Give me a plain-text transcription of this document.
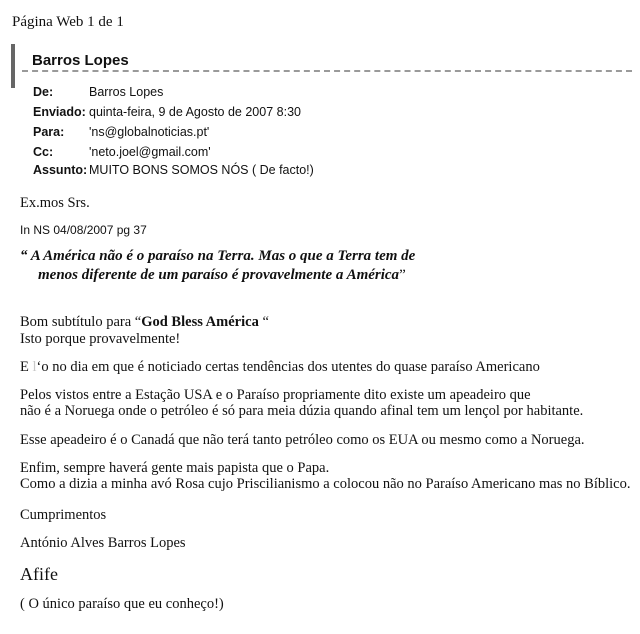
Página Web 1 de 1
Barros Lopes
De:	Barros Lopes
Enviado: quinta-feira, 9 de Agosto de 2007 8:30
Para: 'ns@globalnoticias.pt'
Cc:	'neto.joel@gmail.com'
Assunto: MUITO BONS SOMOS NÓS ( De facto!)
Ex.mos Srs.
In NS 04/08/2007 pg 37
“ A América não é o paraíso na Terra. Mas o que a Terra tem de
menos diferente de um paraíso é provavelmente a América”
Bom subtítulo para “God Bless América “
Isto porque provavelmente!
E l‘o no dia em que é noticiado certas tendências dos utentes do quase paraíso Americano
Pelos vistos entre a Estação USA e o Paraíso propriamente dito existe um apeadeiro que
não é a Noruega onde o petróleo é só para meia dúzia quando afinal tem um lençol por habitante.
Esse apeadeiro é o Canadá que não terá tanto petróleo como os EUA ou mesmo como a Noruega.
Enfim, sempre haverá gente mais papista que o Papa.
Como a dizia a minha avó Rosa cujo Priscilianismo a colocou não no Paraíso Americano mas no Bíblico.
Cumprimentos
António Alves Barros Lopes
Afife
( O único paraíso que eu conheço!)
